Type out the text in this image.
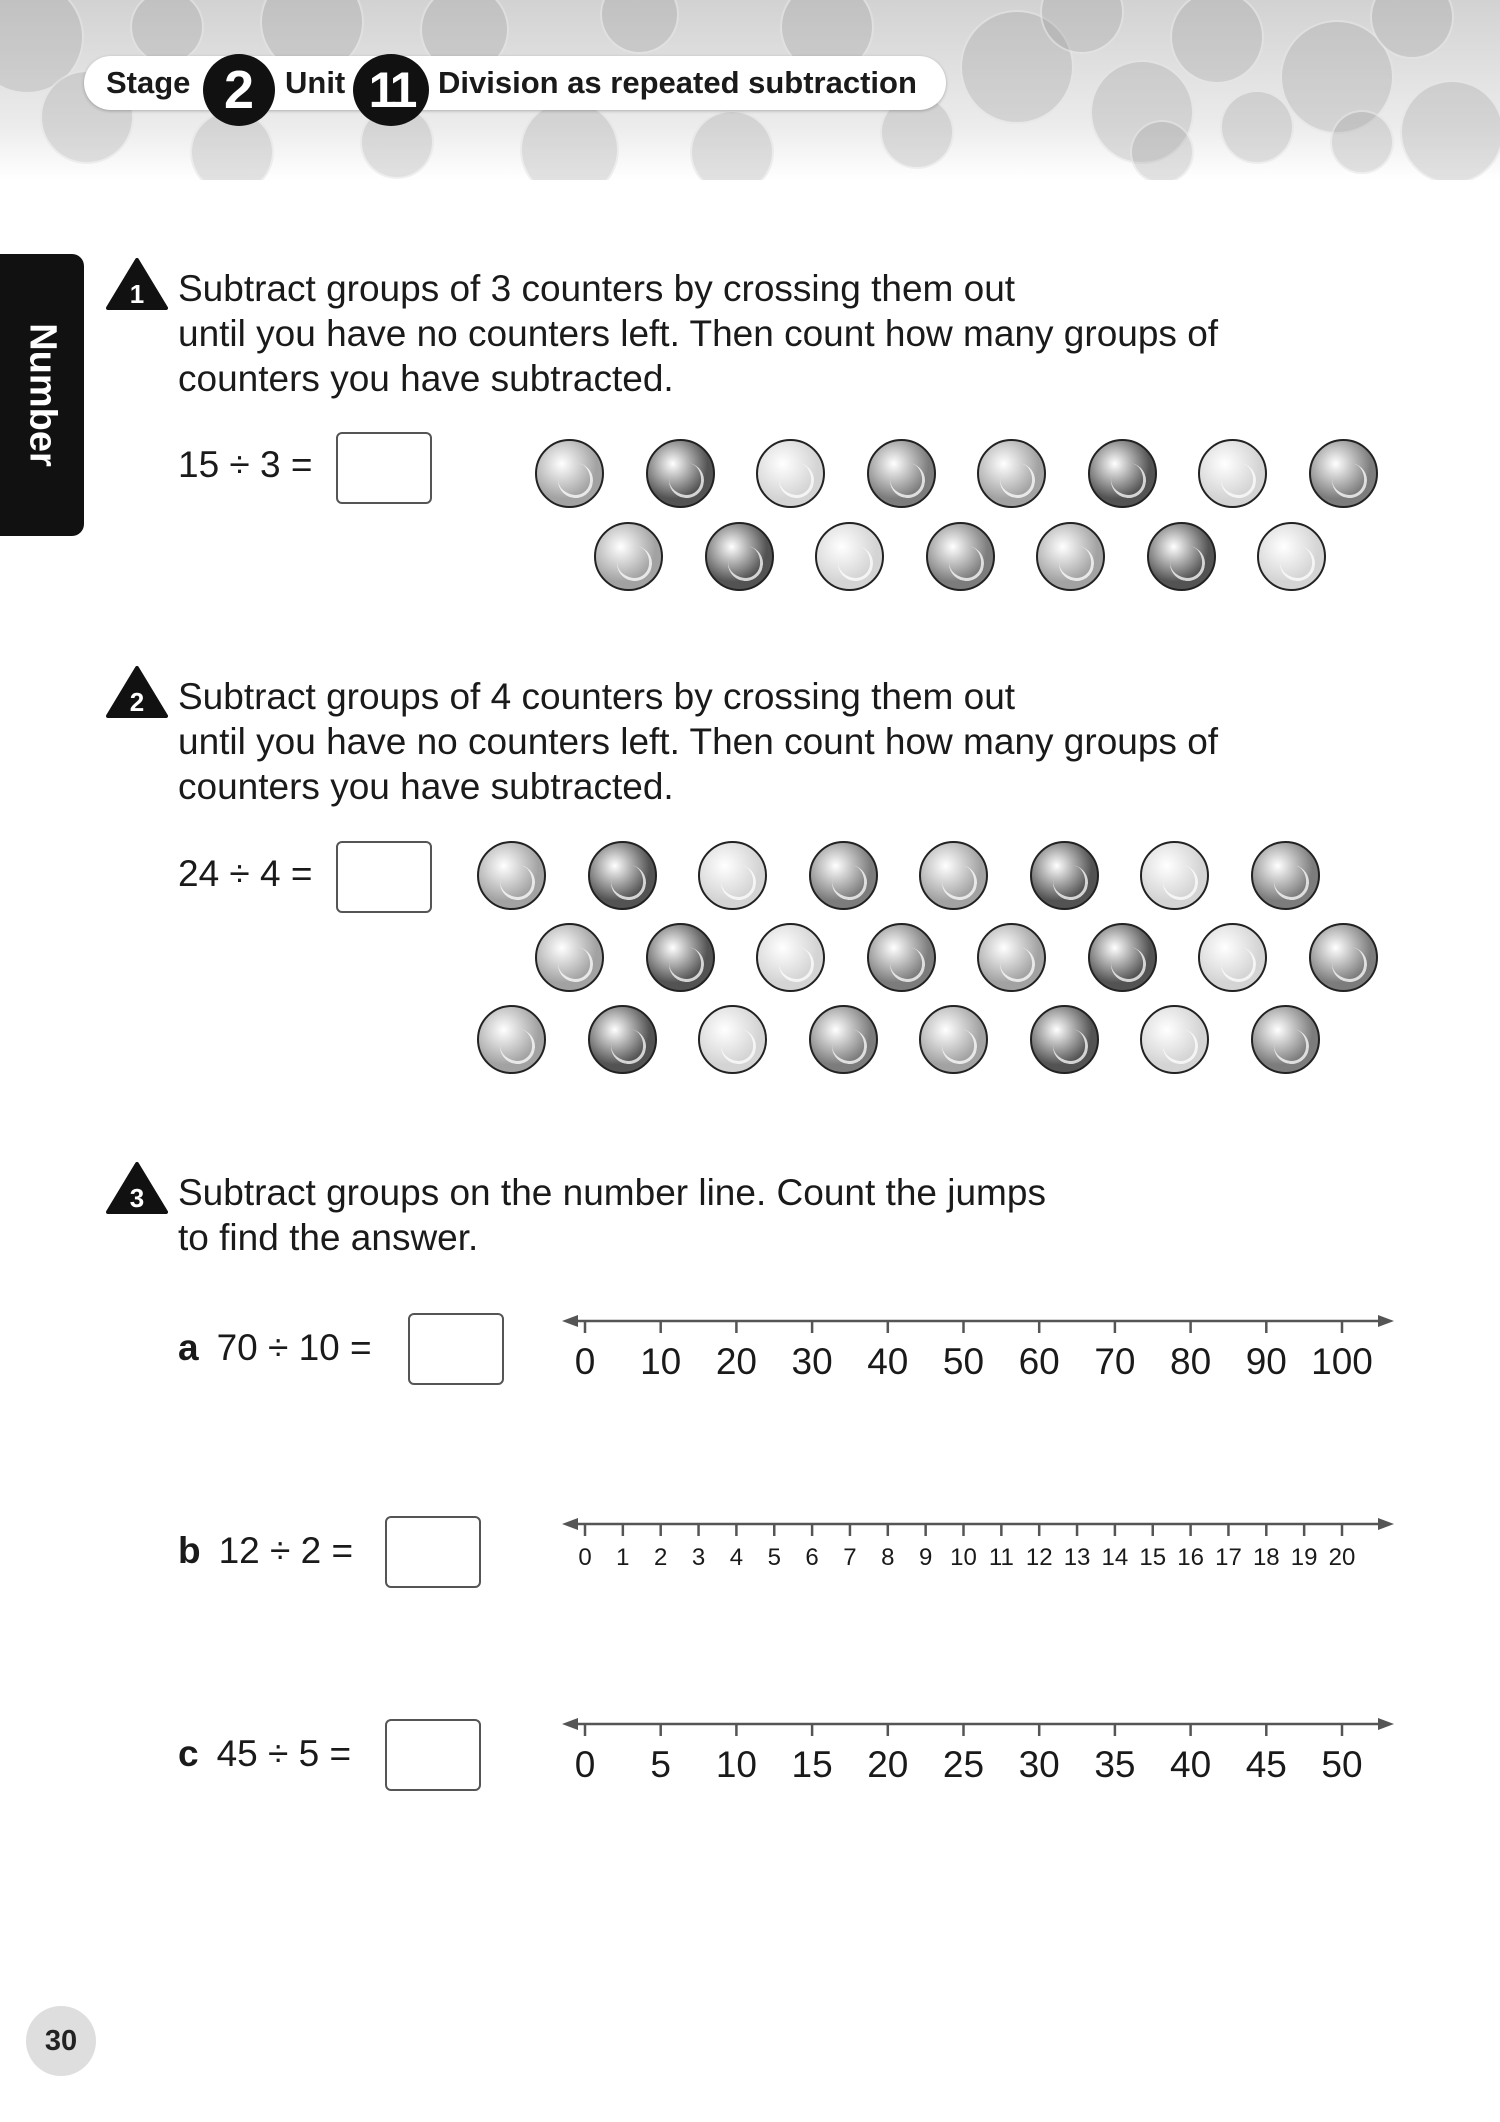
Stage 2 Unit 11 Division as repeated subtraction
Number
1 Subtract groups of 3 counters by crossing them out
until you have no counters left. Then count how many groups of
counters you have subtracted.
15 ÷ 3 =
2 Subtract groups of 4 counters by crossing them out
until you have no counters left. Then count how many groups of
counters you have subtracted.
24 ÷ 4 =
3 Subtract groups on the number line. Count the jumps
to find the answer.
a 70 ÷ 10 =	0 10 20 30 40 50 60 70 80 90 100
b 12 ÷ 2 =	0 1 2 3 4 5 6 7 8 9 10 11 12 13 14 15 16 17 18 19 20
c 45 ÷ 5 =	0 5 10 15 20 25 30 35 40 45 50
30
